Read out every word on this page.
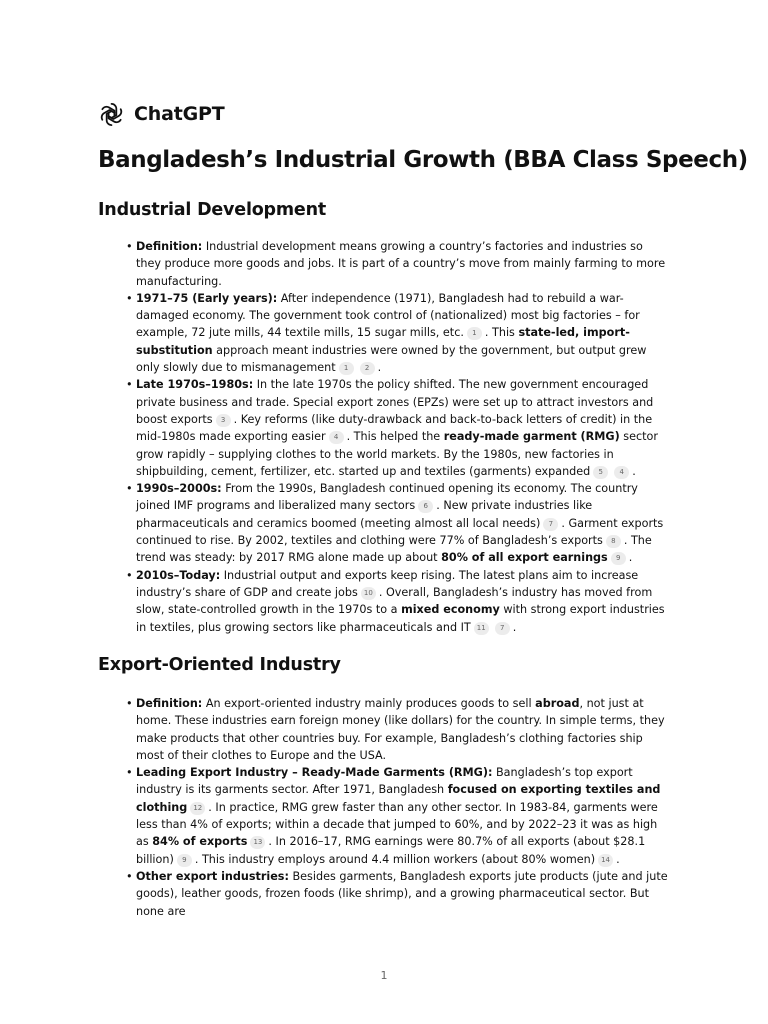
ChatGPT
Bangladesh’s Industrial Growth (BBA Class Speech)
Industrial Development
• Definition: Industrial development means growing a country’s factories and industries so they produce more goods and jobs. It is part of a country’s move from mainly farming to more manufacturing.
• 1971–75 (Early years): After independence (1971), Bangladesh had to rebuild a war-damaged economy. The government took control of (nationalized) most big factories – for example, 72 jute mills, 44 textile mills, 15 sugar mills, etc. 1 . This state-led, import-substitution approach meant industries were owned by the government, but output grew only slowly due to mismanagement 1 2 .
• Late 1970s–1980s: In the late 1970s the policy shifted. The new government encouraged private business and trade. Special export zones (EPZs) were set up to attract investors and boost exports 3 . Key reforms (like duty-drawback and back-to-back letters of credit) in the mid-1980s made exporting easier 4 . This helped the ready-made garment (RMG) sector grow rapidly – supplying clothes to the world markets. By the 1980s, new factories in shipbuilding, cement, fertilizer, etc. started up and textiles (garments) expanded 5 4 .
• 1990s–2000s: From the 1990s, Bangladesh continued opening its economy. The country joined IMF programs and liberalized many sectors 6 . New private industries like pharmaceuticals and ceramics boomed (meeting almost all local needs) 7 . Garment exports continued to rise. By 2002, textiles and clothing were 77% of Bangladesh’s exports 8 . The trend was steady: by 2017 RMG alone made up about 80% of all export earnings 9 .
• 2010s–Today: Industrial output and exports keep rising. The latest plans aim to increase industry’s share of GDP and create jobs 10 . Overall, Bangladesh’s industry has moved from slow, state-controlled growth in the 1970s to a mixed economy with strong export industries in textiles, plus growing sectors like pharmaceuticals and IT 11 7 .
Export-Oriented Industry
• Definition: An export-oriented industry mainly produces goods to sell abroad, not just at home. These industries earn foreign money (like dollars) for the country. In simple terms, they make products that other countries buy. For example, Bangladesh’s clothing factories ship most of their clothes to Europe and the USA.
• Leading Export Industry – Ready-Made Garments (RMG): Bangladesh’s top export industry is its garments sector. After 1971, Bangladesh focused on exporting textiles and clothing 12 . In practice, RMG grew faster than any other sector. In 1983-84, garments were less than 4% of exports; within a decade that jumped to 60%, and by 2022–23 it was as high as 84% of exports 13 . In 2016–17, RMG earnings were 80.7% of all exports (about $28.1 billion) 9 . This industry employs around 4.4 million workers (about 80% women) 14 .
• Other export industries: Besides garments, Bangladesh exports jute products (jute and jute goods), leather goods, frozen foods (like shrimp), and a growing pharmaceutical sector. But none are
1
